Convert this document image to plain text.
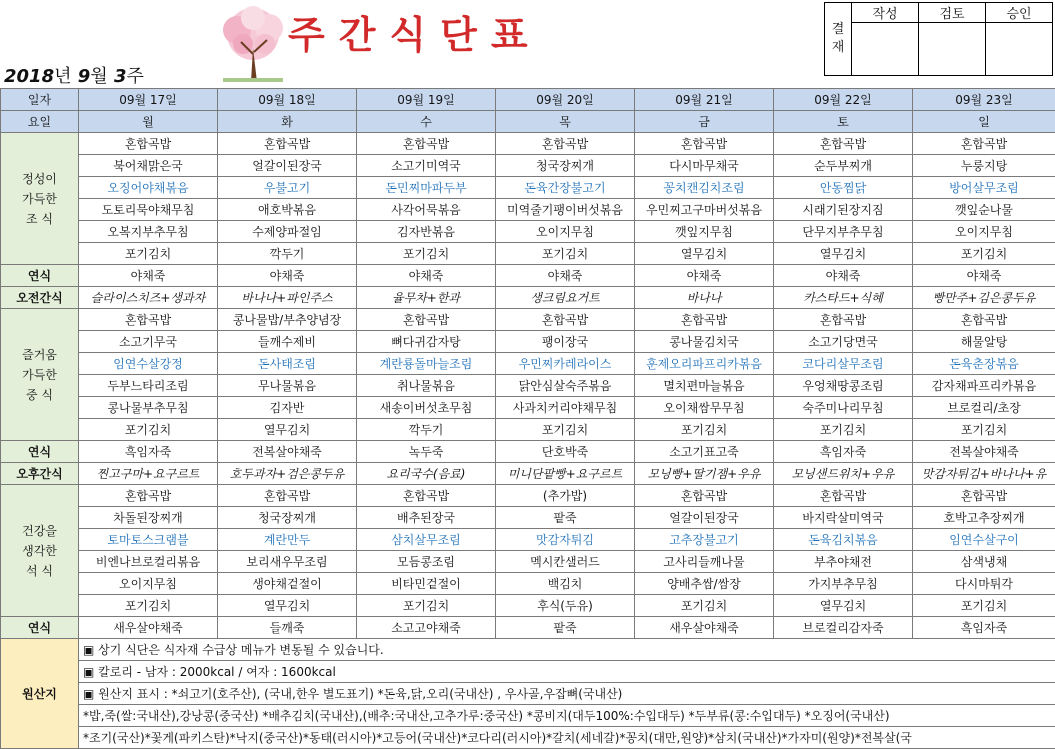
주간식단표
2018년 9월 3주
결
재	작성	검토	승인

일자	09월 17일	09월 18일	09월 19일	09월 20일	09월 21일	09월 22일	09월 23일
요일	월	화	수	목	금	토	일

정성이
가득한
조 식	혼합곡밥	혼합곡밥	혼합곡밥	혼합곡밥	혼합곡밥	혼합곡밥	혼합곡밥
	북어채맑은국	얼갈이된장국	소고기미역국	청국장찌개	다시마무채국	순두부찌개	누룽지탕
	오징어야채볶음	우불고기	돈민찌마파두부	돈육간장불고기	꽁치캔김치조림	안동찜닭	방어살무조림
	도토리묵야채무침	애호박볶음	사각어묵볶음	미역줄기팽이버섯볶음	우민찌고구마버섯볶음	시래기된장지짐	깻잎순나물
	오복지부추무침	수제양파절임	김자반볶음	오이지무침	깻잎지무침	단무지부추무침	오이지무침
	포기김치	깍두기	포기김치	포기김치	열무김치	열무김치	포기김치

연식	야채죽	야채죽	야채죽	야채죽	야채죽	야채죽	야채죽

오전간식	슬라이스치즈+생과자	바나나+파인주스	율무차+한과	생크림요거트	바나나	카스타드+식혜	빵만주+김은콩두유

즐거움
가득한
중 식	혼합곡밥	콩나물밥/부추양념장	혼합곡밥	혼합곡밥	혼합곡밥	혼합곡밥	혼합곡밥
	소고기무국	들깨수제비	뼈다귀감자탕	팽이장국	콩나물김치국	소고기당면국	해물알탕
	임연수살강정	돈사태조림	계란룡돌마늘조림	우민찌카레라이스	훈제오리파프리카볶음	코다리살무조림	돈육춘장볶음
	두부느타리조림	무나물볶음	취나물볶음	닭안심살숙주볶음	멸치편마늘볶음	우엉채땅콩조림	감자채파프리카볶음
	콩나물부추무침	김자반	새송이버섯초무침	사과치커리야채무침	오이채쌈무무침	숙주미나리무침	브로컬리/초장
	포기김치	열무김치	깍두기	포기김치	포기김치	포기김치	포기김치

연식	흑임자죽	전복살야채죽	녹두죽	단호박죽	소고기표고죽	흑임자죽	전복살야채죽

오후간식	찐고구마+요구르트	호두과자+검은콩두유	요리국수(음료)	미니단팥빵+요구르트	모닝빵+딸기잼+우유	모닝샌드위치+우유	맛감자튀김+바나나+유

건강을
생각한
석 식	혼합곡밥	혼합곡밥	혼합곡밥	(추가밥)	혼합곡밥	혼합곡밥	혼합곡밥
	차돌된장찌개	청국장찌개	배추된장국	팥죽	얼갈이된장국	바지락살미역국	호박고추장찌개
	토마토스크램블	계란만두	삼치살무조림	맛감자튀김	고추장불고기	돈육김치볶음	임연수살구이
	비엔나브로컬리볶음	보리새우무조림	모듬콩조림	멕시칸샐러드	고사리들깨나물	부추야채전	삼색냉채
	오이지무침	생야채겉절이	비타민겉절이	백김치	양배추쌈/쌈장	가지부추무침	다시마튀각
	포기김치	열무김치	포기김치	후식(두유)	포기김치	열무김치	포기김치

연식	새우살야채죽	들깨죽	소고고야채죽	팥죽	새우살야채죽	브로컬리감자죽	흑임자죽
원산지	▣ 상기 식단은 식자재 수급상 메뉴가 변동될 수 있습니다.						
	▣ 칼로리 - 남자 : 2000kcal / 여자 : 1600kcal						
	▣ 원산지 표시 : *쇠고기(호주산), (국내,한우 별도표기) *돈육,닭,오리(국내산) , 우사골,우잡뼈(국내산)						
	*밥,죽(쌀:국내산),강낭콩(중국산) *배추김치(국내산),(배추:국내산,고추가루:중국산) *콩비지(대두100%:수입대두) *두부류(콩:수입대두) *오징어(국내산)						
	*조기(국산)*꽃게(파키스탄)*낙지(중국산)*동태(러시아)*고등어(국내산)*코다리(러시아)*갈치(세네갈)*꽁치(대만,원양)*삼치(국내산)*가자미(원양)*전복살(국						
